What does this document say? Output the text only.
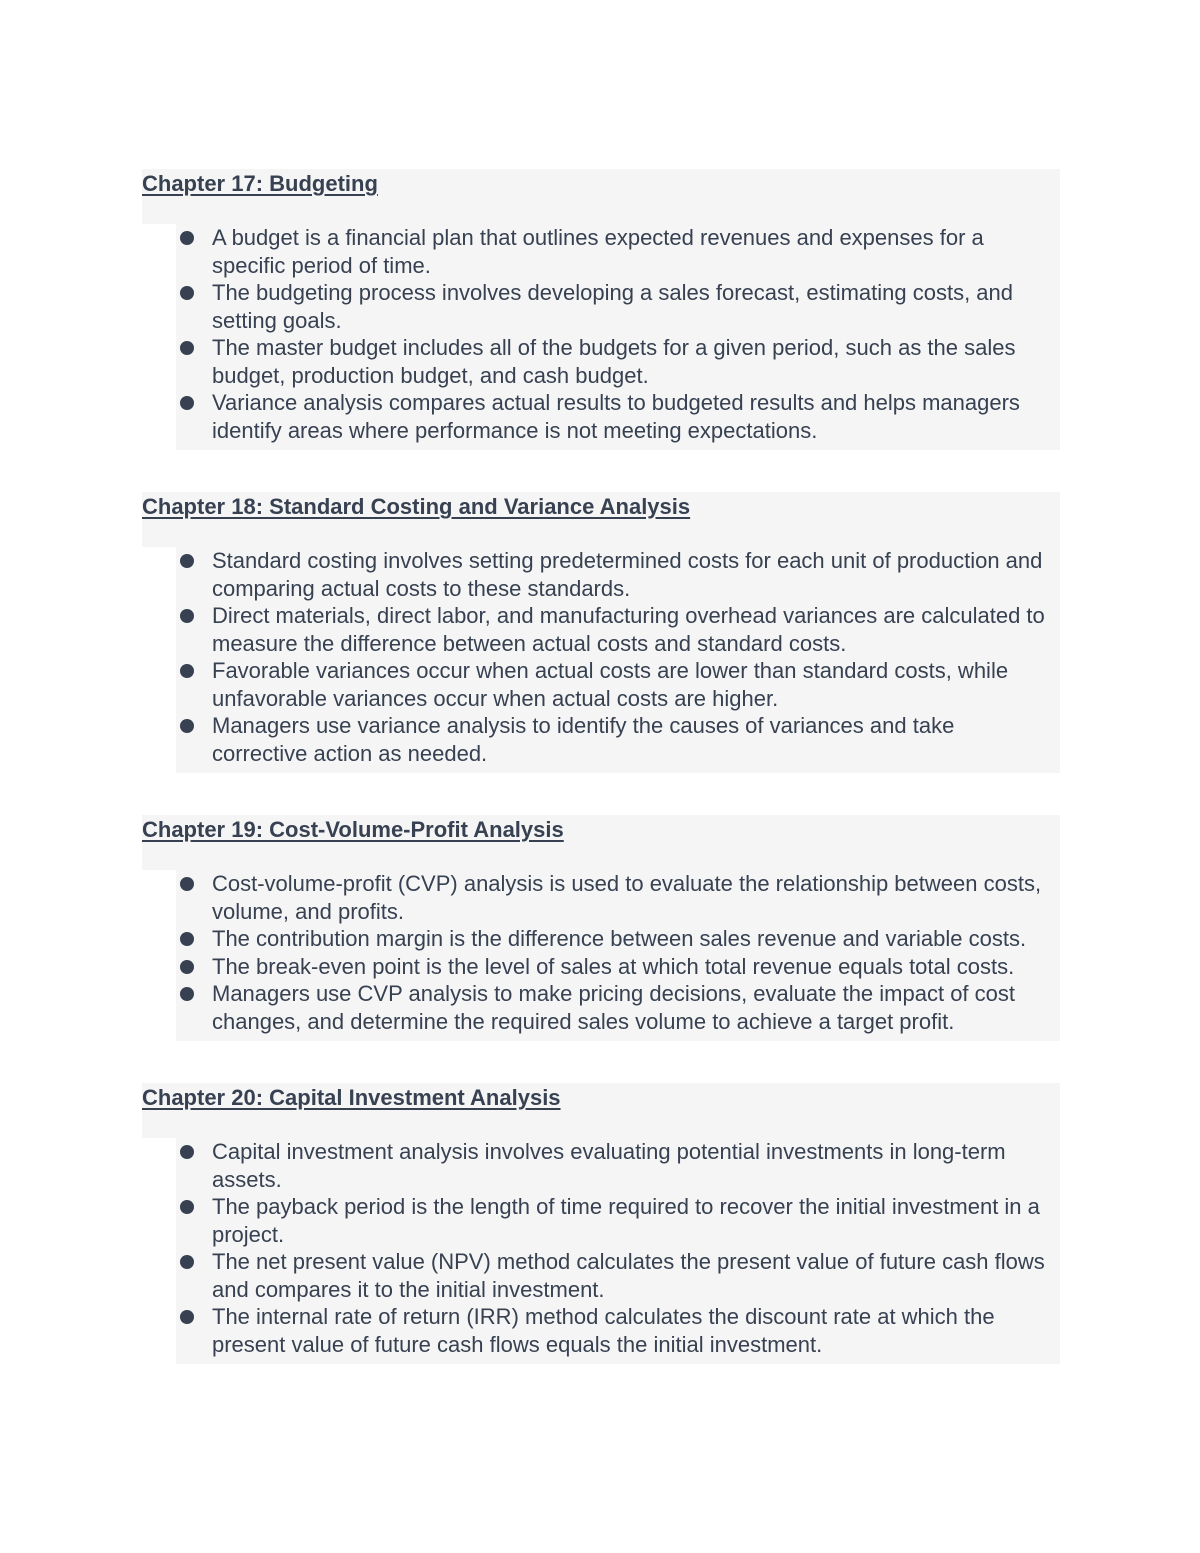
Chapter 17: Budgeting
A budget is a financial plan that outlines expected revenues and expenses for a specific period of time.
The budgeting process involves developing a sales forecast, estimating costs, and setting goals.
The master budget includes all of the budgets for a given period, such as the sales budget, production budget, and cash budget.
Variance analysis compares actual results to budgeted results and helps managers identify areas where performance is not meeting expectations.
Chapter 18: Standard Costing and Variance Analysis
Standard costing involves setting predetermined costs for each unit of production and comparing actual costs to these standards.
Direct materials, direct labor, and manufacturing overhead variances are calculated to measure the difference between actual costs and standard costs.
Favorable variances occur when actual costs are lower than standard costs, while unfavorable variances occur when actual costs are higher.
Managers use variance analysis to identify the causes of variances and take corrective action as needed.
Chapter 19: Cost-Volume-Profit Analysis
Cost-volume-profit (CVP) analysis is used to evaluate the relationship between costs, volume, and profits.
The contribution margin is the difference between sales revenue and variable costs.
The break-even point is the level of sales at which total revenue equals total costs.
Managers use CVP analysis to make pricing decisions, evaluate the impact of cost changes, and determine the required sales volume to achieve a target profit.
Chapter 20: Capital Investment Analysis
Capital investment analysis involves evaluating potential investments in long-term assets.
The payback period is the length of time required to recover the initial investment in a project.
The net present value (NPV) method calculates the present value of future cash flows and compares it to the initial investment.
The internal rate of return (IRR) method calculates the discount rate at which the present value of future cash flows equals the initial investment.
